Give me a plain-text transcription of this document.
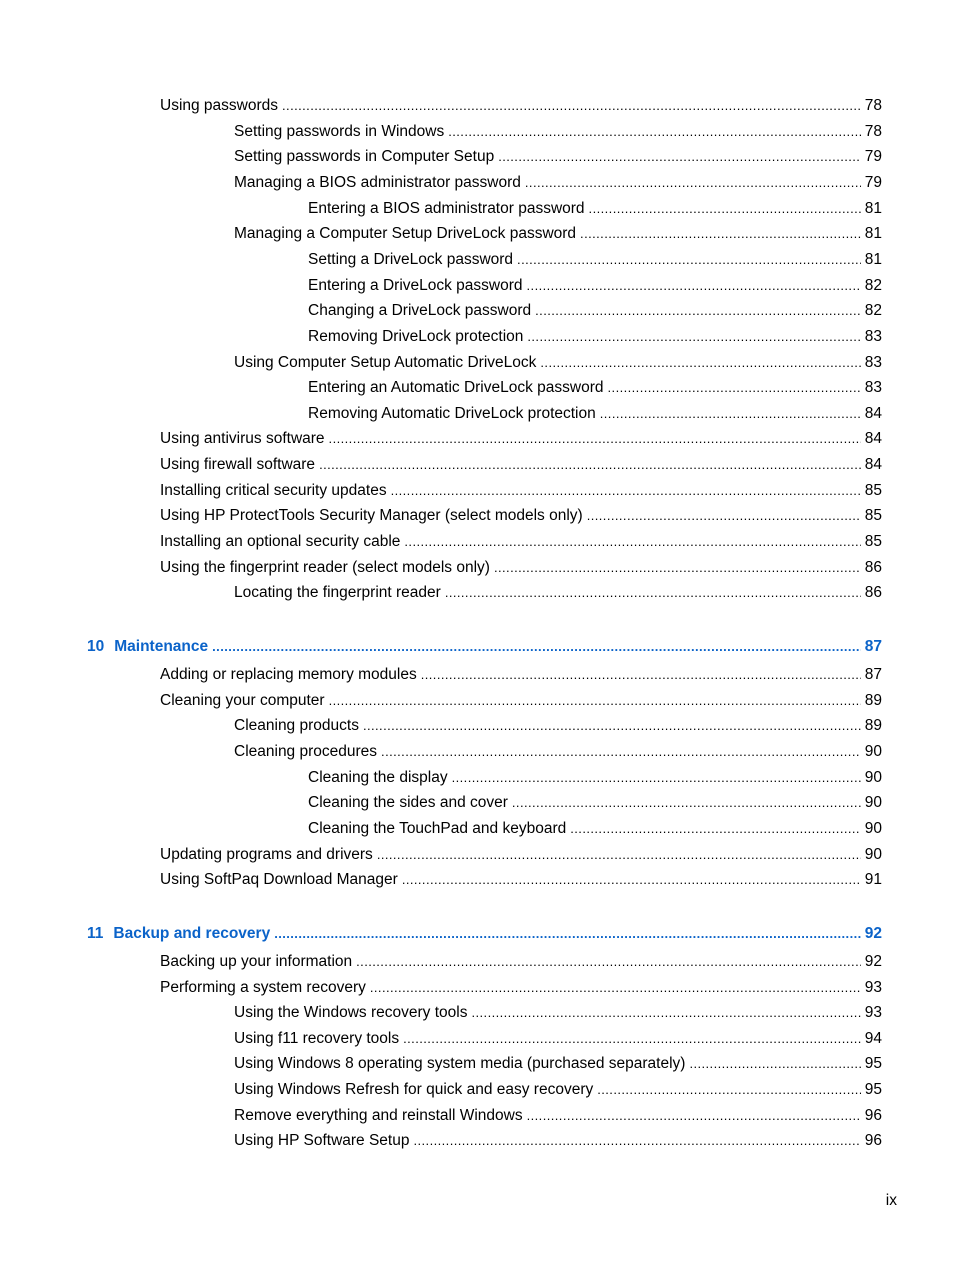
Using passwords . . .	78
Setting passwords in Windows . . .	78
Setting passwords in Computer Setup . . .	79
Managing a BIOS administrator password . . .	79
Entering a BIOS administrator password . . .	81
Managing a Computer Setup DriveLock password . . .	81
Setting a DriveLock password . . .	81
Entering a DriveLock password . . .	82
Changing a DriveLock password . . .	82
Removing DriveLock protection . . .	83
Using Computer Setup Automatic DriveLock . . .	83
Entering an Automatic DriveLock password . . .	83
Removing Automatic DriveLock protection . . .	84
Using antivirus software . . .	84
Using firewall software . . .	84
Installing critical security updates . . .	85
Using HP ProtectTools Security Manager (select models only) . . .	85
Installing an optional security cable . . .	85
Using the fingerprint reader (select models only) . . .	86
Locating the fingerprint reader . . .	86
10 Maintenance . . .	87
Adding or replacing memory modules . . .	87
Cleaning your computer . . .	89
Cleaning products . . .	89
Cleaning procedures . . .	90
Cleaning the display . . .	90
Cleaning the sides and cover . . .	90
Cleaning the TouchPad and keyboard . . .	90
Updating programs and drivers . . .	90
Using SoftPaq Download Manager . . .	91
11 Backup and recovery . . .	92
Backing up your information . . .	92
Performing a system recovery . . .	93
Using the Windows recovery tools . . .	93
Using f11 recovery tools . . .	94
Using Windows 8 operating system media (purchased separately) . . .	95
Using Windows Refresh for quick and easy recovery . . .	95
Remove everything and reinstall Windows . . .	96
Using HP Software Setup . . .	96
ix
